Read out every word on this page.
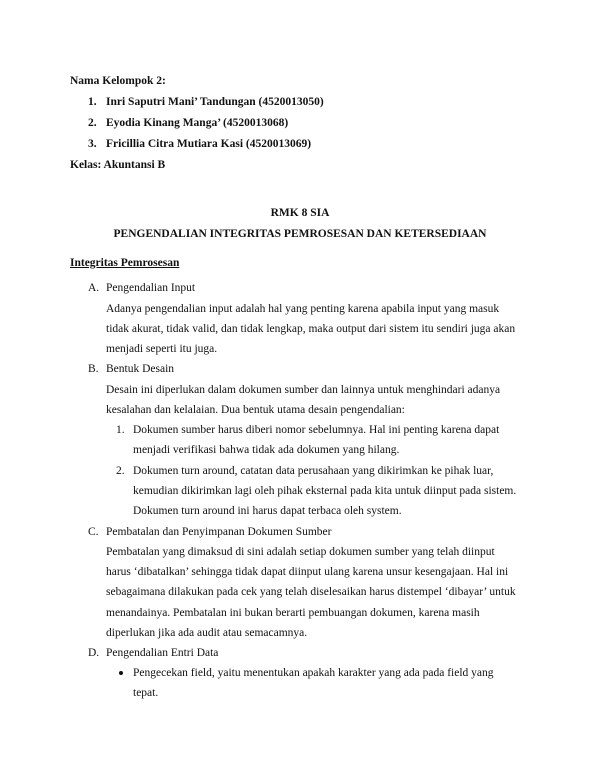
Nama Kelompok 2:
1. Inri Saputri Mani’ Tandungan (4520013050)
2. Eyodia Kinang Manga’ (4520013068)
3. Fricillia Citra Mutiara Kasi (4520013069)
Kelas: Akuntansi B
RMK 8 SIA
PENGENDALIAN INTEGRITAS PEMROSESAN DAN KETERSEDIAAN
Integritas Pemrosesan
A. Pengendalian Input
Adanya pengendalian input adalah hal yang penting karena apabila input yang masuk
tidak akurat, tidak valid, dan tidak lengkap, maka output dari sistem itu sendiri juga akan
menjadi seperti itu juga.
B. Bentuk Desain
Desain ini diperlukan dalam dokumen sumber dan lainnya untuk menghindari adanya
kesalahan dan kelalaian. Dua bentuk utama desain pengendalian:
1. Dokumen sumber harus diberi nomor sebelumnya. Hal ini penting karena dapat
menjadi verifikasi bahwa tidak ada dokumen yang hilang.
2. Dokumen turn around, catatan data perusahaan yang dikirimkan ke pihak luar,
kemudian dikirimkan lagi oleh pihak eksternal pada kita untuk diinput pada sistem.
Dokumen turn around ini harus dapat terbaca oleh system.
C. Pembatalan dan Penyimpanan Dokumen Sumber
Pembatalan yang dimaksud di sini adalah setiap dokumen sumber yang telah diinput
harus ‘dibatalkan’ sehingga tidak dapat diinput ulang karena unsur kesengajaan. Hal ini
sebagaimana dilakukan pada cek yang telah diselesaikan harus distempel ‘dibayar’ untuk
menandainya. Pembatalan ini bukan berarti pembuangan dokumen, karena masih
diperlukan jika ada audit atau semacamnya.
D. Pengendalian Entri Data
Pengecekan field, yaitu menentukan apakah karakter yang ada pada field yang
tepat.
